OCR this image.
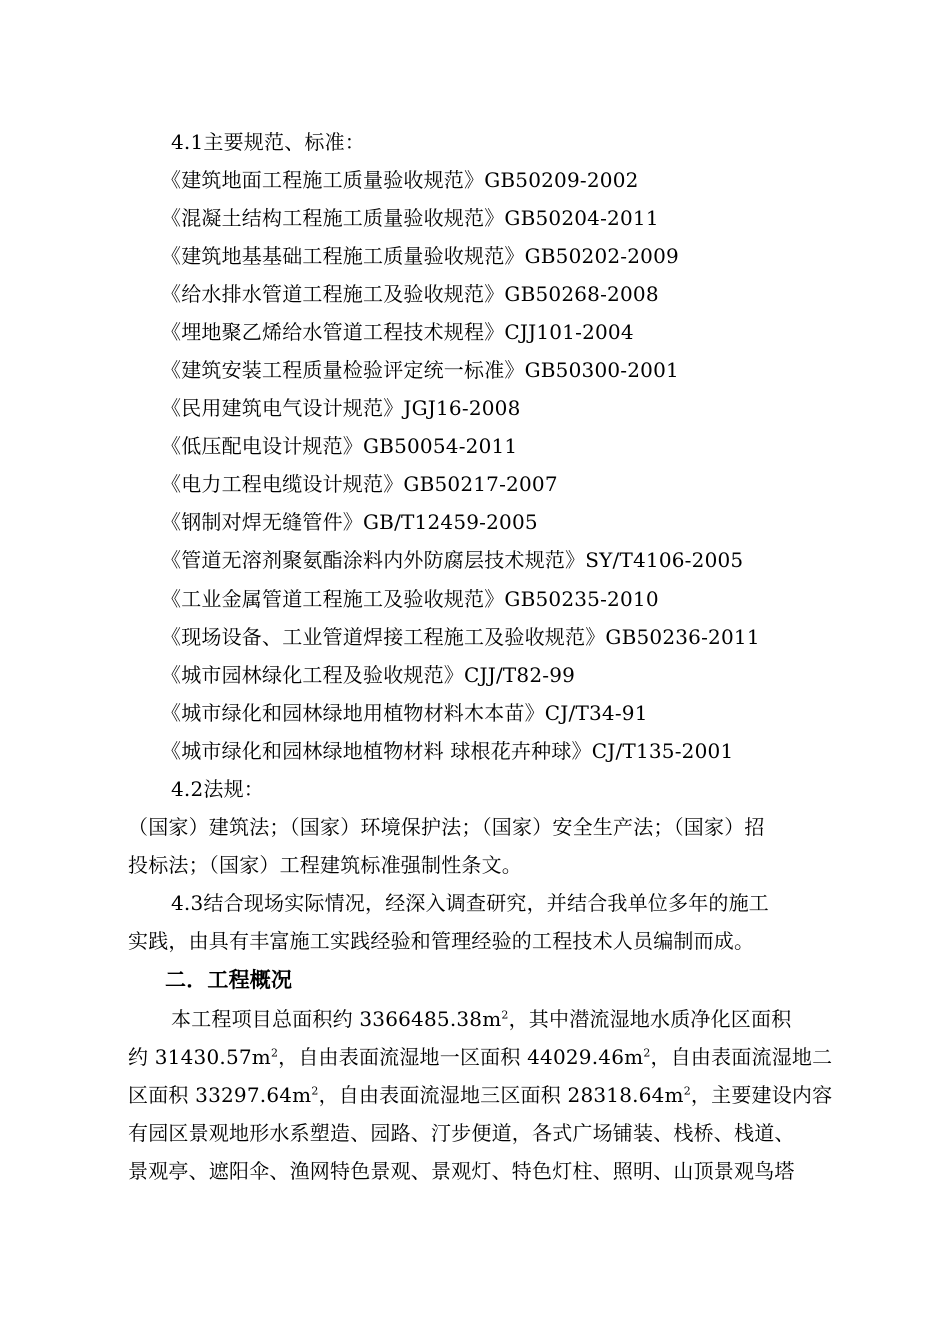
4.1主要规范、标准：
《建筑地面工程施工质量验收规范》GB50209-2002
《混凝土结构工程施工质量验收规范》GB50204-2011
《建筑地基基础工程施工质量验收规范》GB50202-2009
《给水排水管道工程施工及验收规范》GB50268-2008
《埋地聚乙烯给水管道工程技术规程》CJJ101-2004
《建筑安装工程质量检验评定统一标准》GB50300-2001
《民用建筑电气设计规范》JGJ16-2008
《低压配电设计规范》GB50054-2011
《电力工程电缆设计规范》GB50217-2007
《钢制对焊无缝管件》GB/T12459-2005
《管道无溶剂聚氨酯涂料内外防腐层技术规范》SY/T4106-2005
《工业金属管道工程施工及验收规范》GB50235-2010
《现场设备、工业管道焊接工程施工及验收规范》GB50236-2011
《城市园林绿化工程及验收规范》CJJ/T82-99
《城市绿化和园林绿地用植物材料木本苗》CJ/T34-91
《城市绿化和园林绿地植物材料 球根花卉种球》CJ/T135-2001
4.2法规：
（国家）建筑法；（国家）环境保护法；（国家）安全生产法；（国家）招
投标法；（国家）工程建筑标准强制性条文。
4.3结合现场实际情况，经深入调查研究，并结合我单位多年的施工
实践，由具有丰富施工实践经验和管理经验的工程技术人员编制而成。
二．工程概况
本工程项目总面积约 $3366485.38m^2$，其中潜流湿地水质净化区面积
约 $31430.57m^2$，自由表面流湿地一区面积 $44029.46m^2$，自由表面流湿地二
区面积 $33297.64m^2$，自由表面流湿地三区面积 $28318.64m^2$，主要建设内容
有园区景观地形水系塑造、园路、汀步便道，各式广场铺装、栈桥、栈道、
景观亭、遮阳伞、渔网特色景观、景观灯、特色灯柱、照明、山顶景观鸟塔
